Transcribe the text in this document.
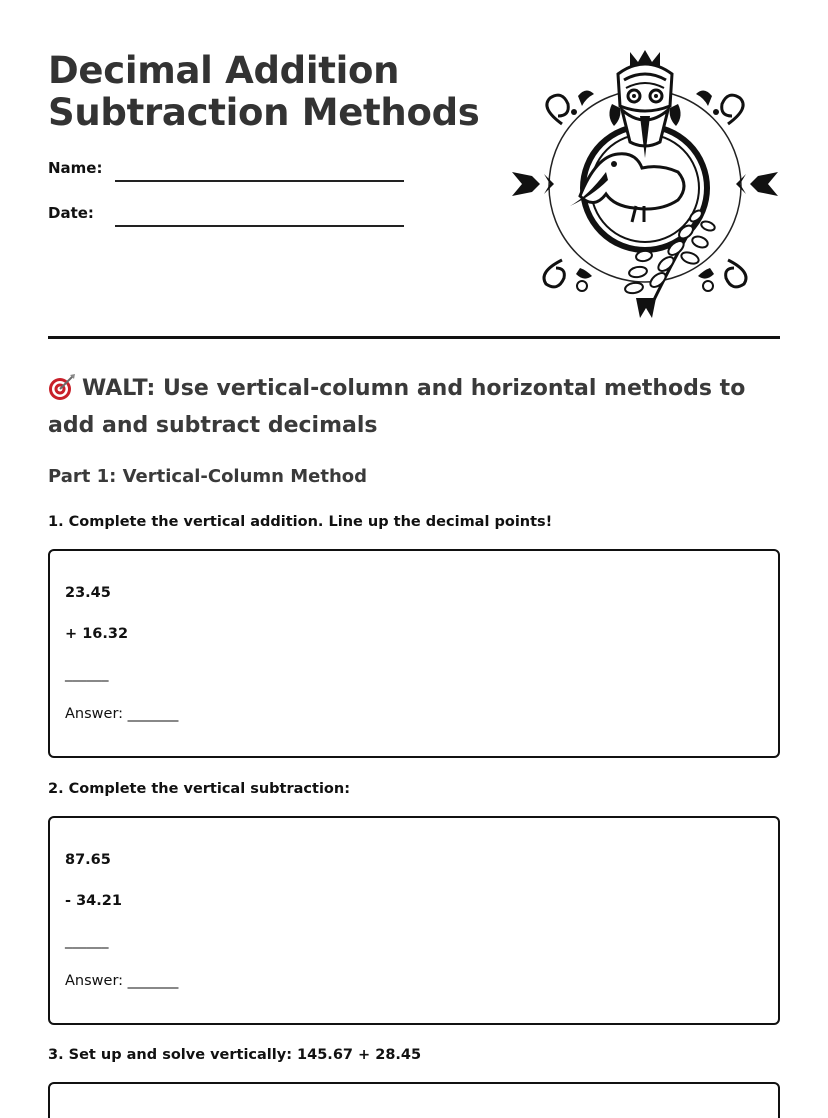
Decimal Addition
Subtraction Methods
Name:
Date:
WALT: Use vertical-column and horizontal methods to add and subtract decimals
Part 1: Vertical-Column Method
1. Complete the vertical addition. Line up the decimal points!
23.45
+ 16.32
______
Answer: _______
2. Complete the vertical subtraction:
87.65
- 34.21
______
Answer: _______
3. Set up and solve vertically: 145.67 + 28.45
